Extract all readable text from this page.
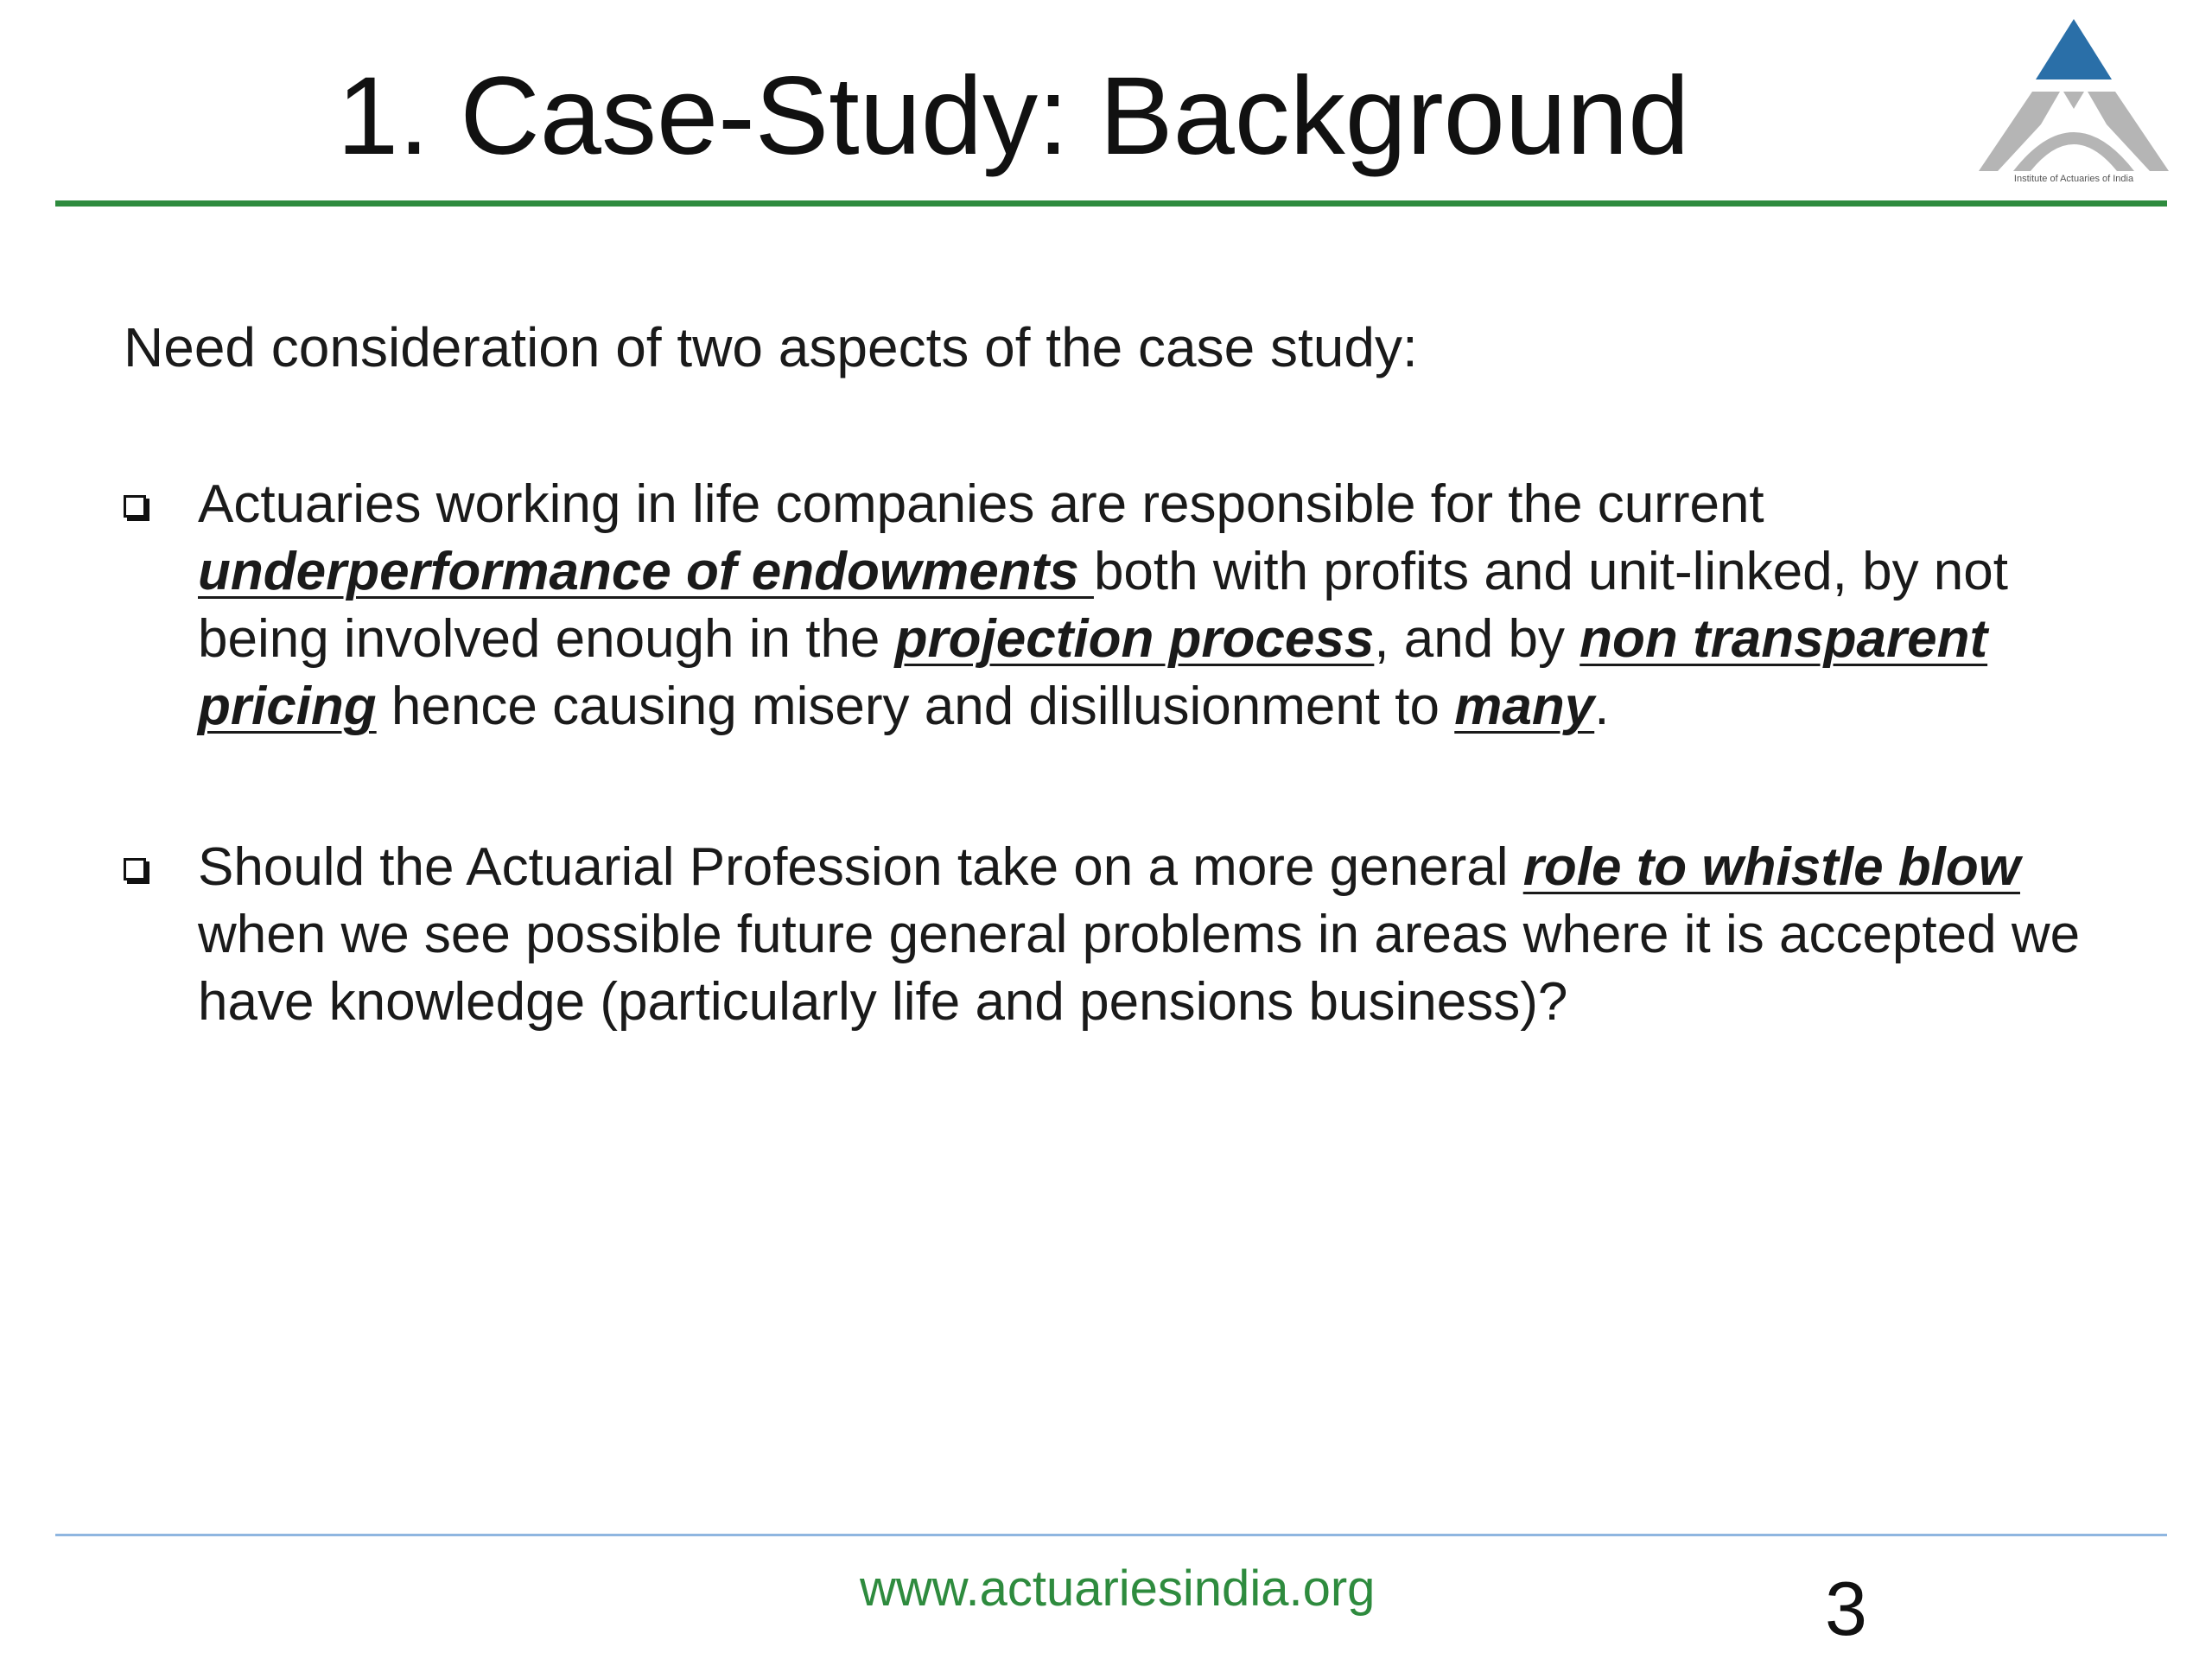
1. Case-Study: Background
Institute of Actuaries of India

Need consideration of two aspects of the case study:

Actuaries working in life companies are responsible for the current underperformance of endowments both with profits and unit-linked, by not being involved enough in the projection process, and by non transparent pricing hence causing misery and disillusionment to many.
Should the Actuarial Profession take on a more general role to whistle blow when we see possible future general problems in areas where it is accepted we have knowledge (particularly life and pensions business)?
www.actuariesindia.org	3
